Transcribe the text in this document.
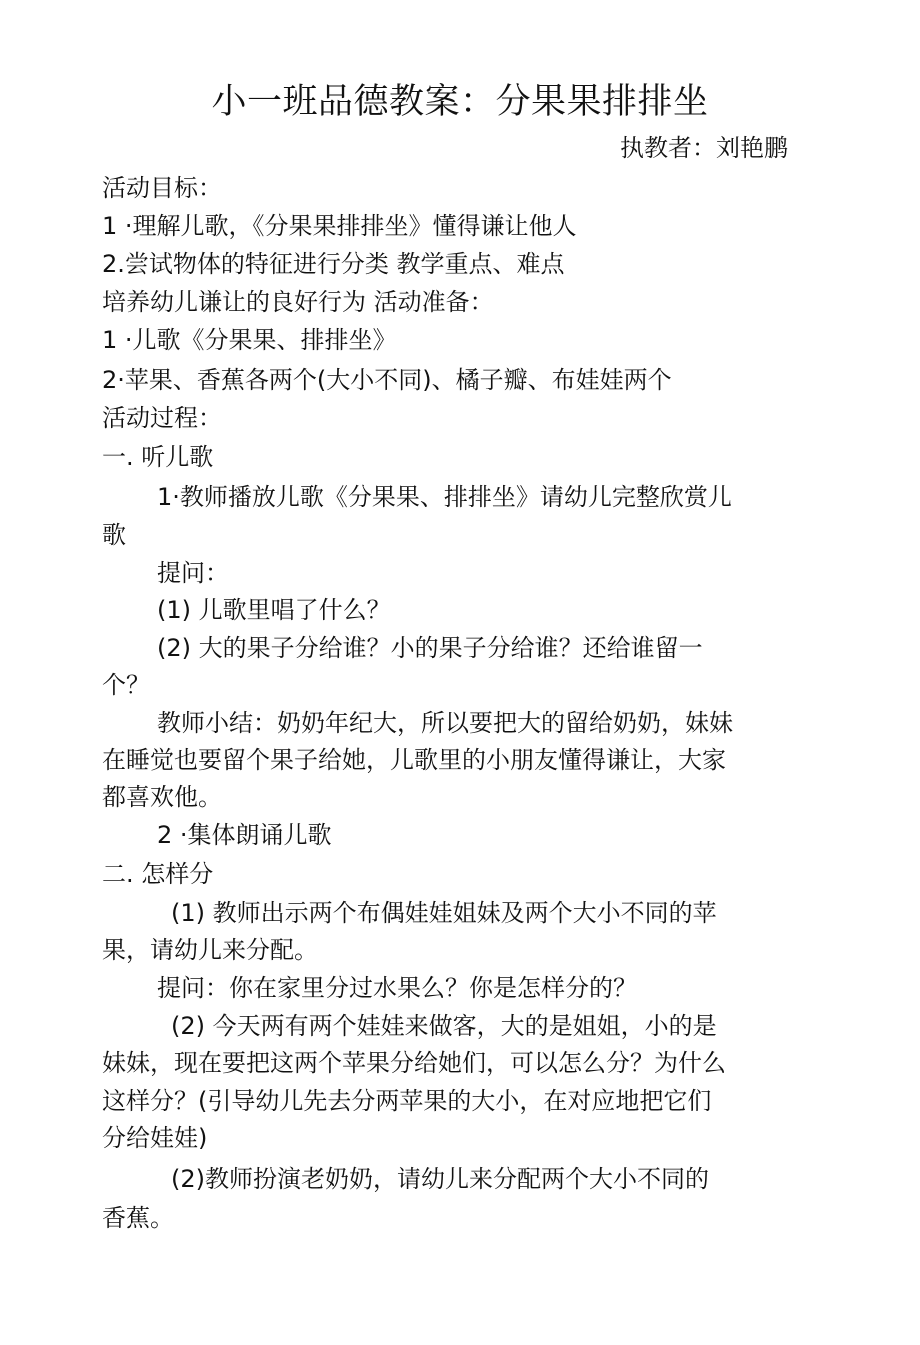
小一班品德教案：分果果排排坐
执教者：刘艳鹏
活动目标：
1 ·理解儿歌，《分果果排排坐》懂得谦让他人
2.尝试物体的特征进行分类 教学重点、难点
培养幼儿谦让的良好行为 活动准备：
1 ·儿歌《分果果、排排坐》
2·苹果、香蕉各两个(大小不同)、橘子瓣、布娃娃两个
活动过程：
一. 听儿歌
1·教师播放儿歌《分果果、排排坐》请幼儿完整欣赏儿
歌
提问：
(1) 儿歌里唱了什么？
(2) 大的果子分给谁？小的果子分给谁？还给谁留一
个？
教师小结：奶奶年纪大，所以要把大的留给奶奶，妹妹
在睡觉也要留个果子给她，儿歌里的小朋友懂得谦让，大家
都喜欢他。
2 ·集体朗诵儿歌
二. 怎样分
(1) 教师出示两个布偶娃娃姐妹及两个大小不同的苹
果，请幼儿来分配。
提问：你在家里分过水果么？你是怎样分的？
(2) 今天两有两个娃娃来做客，大的是姐姐，小的是
妹妹，现在要把这两个苹果分给她们，可以怎么分？为什么
这样分？(引导幼儿先去分两苹果的大小，在对应地把它们
分给娃娃)
(2)教师扮演老奶奶，请幼儿来分配两个大小不同的
香蕉。
